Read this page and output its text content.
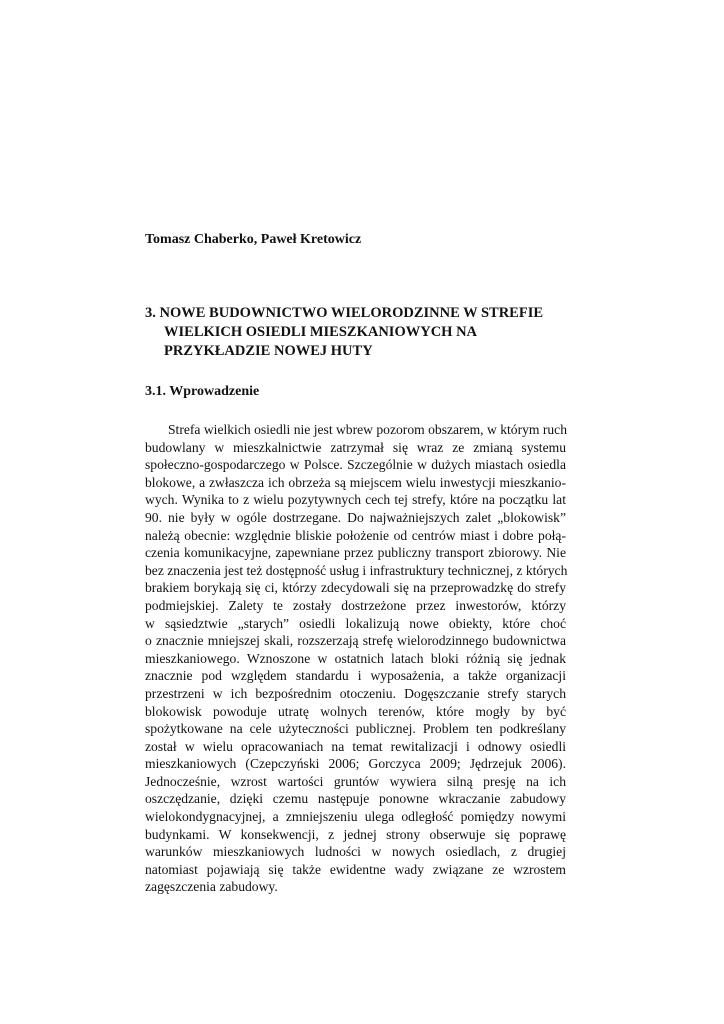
Tomasz Chaberko, Paweł Kretowicz
3. NOWE BUDOWNICTWO WIELORODZINNE W STREFIE
WIELKICH OSIEDLI MIESZKANIOWYCH NA
PRZYKŁADZIE NOWEJ HUTY
3.1. Wprowadzenie
Strefa wielkich osiedli nie jest wbrew pozorom obszarem, w którym ruch
budowlany w mieszkalnictwie zatrzymał się wraz ze zmianą systemu
społeczno-gospodarczego w Polsce. Szczególnie w dużych miastach osiedla
blokowe, a zwłaszcza ich obrzeża są miejscem wielu inwestycji mieszkanio-
wych. Wynika to z wielu pozytywnych cech tej strefy, które na początku lat
90. nie były w ogóle dostrzegane. Do najważniejszych zalet „blokowisk”
należą obecnie: względnie bliskie położenie od centrów miast i dobre połą-
czenia komunikacyjne, zapewniane przez publiczny transport zbiorowy. Nie
bez znaczenia jest też dostępność usług i infrastruktury technicznej, z których
brakiem borykają się ci, którzy zdecydowali się na przeprowadzkę do strefy
podmiejskiej. Zalety te zostały dostrzeżone przez inwestorów, którzy
w sąsiedztwie „starych” osiedli lokalizują nowe obiekty, które choć
o znacznie mniejszej skali, rozszerzają strefę wielorodzinnego budownictwa
mieszkaniowego. Wznoszone w ostatnich latach bloki różnią się jednak
znacznie pod względem standardu i wyposażenia, a także organizacji
przestrzeni w ich bezpośrednim otoczeniu. Dogęszczanie strefy starych
blokowisk powoduje utratę wolnych terenów, które mogły by być
spożytkowane na cele użyteczności publicznej. Problem ten podkreślany
został w wielu opracowaniach na temat rewitalizacji i odnowy osiedli
mieszkaniowych (Czepczyński 2006; Gorczyca 2009; Jędrzejuk 2006).
Jednocześnie, wzrost wartości gruntów wywiera silną presję na ich
oszczędzanie, dzięki czemu następuje ponowne wkraczanie zabudowy
wielokondygnacyjnej, a zmniejszeniu ulega odległość pomiędzy nowymi
budynkami. W konsekwencji, z jednej strony obserwuje się poprawę
warunków mieszkaniowych ludności w nowych osiedlach, z drugiej
natomiast pojawiają się także ewidentne wady związane ze wzrostem
zagęszczenia zabudowy.
